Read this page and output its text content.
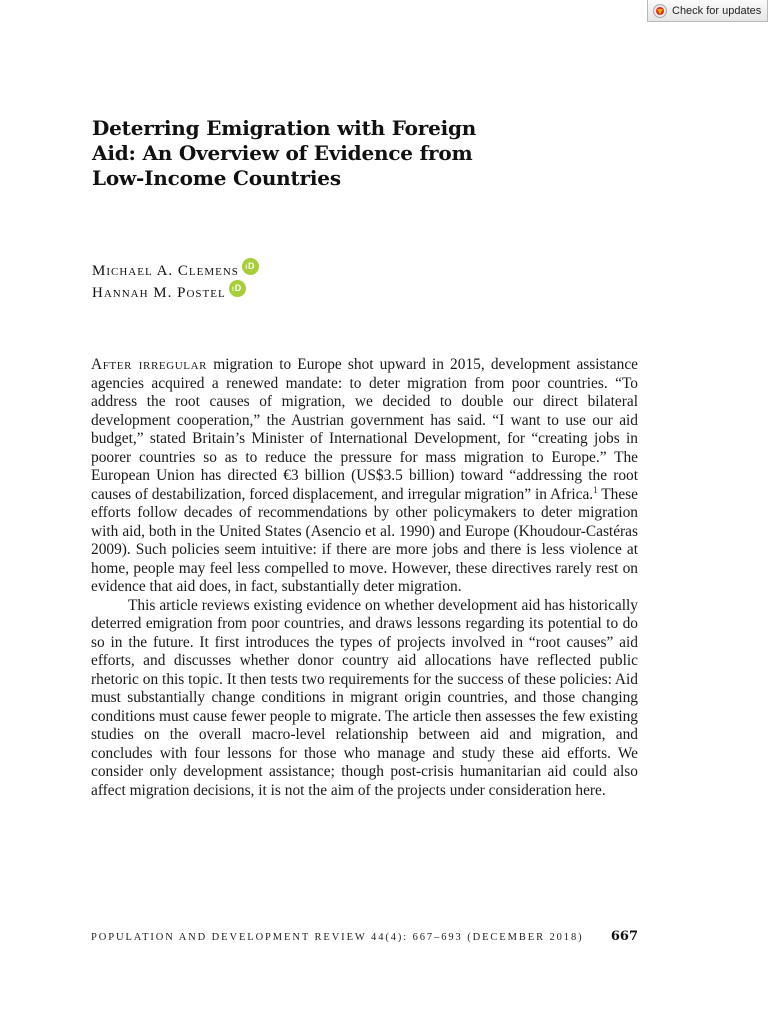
Check for updates
Deterring Emigration with Foreign Aid: An Overview of Evidence from Low-Income Countries
Michael A. Clemens iD
Hannah M. Postel iD

After irregular migration to Europe shot upward in 2015, development assistance agencies acquired a renewed mandate: to deter migration from poor countries. “To address the root causes of migration, we decided to double our direct bilateral development cooperation,” the Austrian government has said. “I want to use our aid budget,” stated Britain’s Minister of International Development, for “creating jobs in poorer countries so as to reduce the pressure for mass migration to Europe.” The European Union has directed €3 billion (US$3.5 billion) toward “addressing the root causes of destabilization, forced displacement, and irregular migration” in Africa.$^1$ These efforts follow decades of recommendations by other policymakers to deter migration with aid, both in the United States (Asencio et al. 1990) and Europe (Khoudour-Castéras 2009). Such policies seem intuitive: if there are more jobs and there is less violence at home, people may feel less compelled to move. However, these directives rarely rest on evidence that aid does, in fact, substantially deter migration.

This article reviews existing evidence on whether development aid has historically deterred emigration from poor countries, and draws lessons regarding its potential to do so in the future. It first introduces the types of projects involved in “root causes” aid efforts, and discusses whether donor country aid allocations have reflected public rhetoric on this topic. It then tests two requirements for the success of these policies: Aid must substantially change conditions in migrant origin countries, and those changing conditions must cause fewer people to migrate. The article then assesses the few existing studies on the overall macro-level relationship between aid and migration, and concludes with four lessons for those who manage and study these aid efforts. We consider only development assistance; though post-crisis humanitarian aid could also affect migration decisions, it is not the aim of the projects under consideration here.

POPULATION AND DEVELOPMENT REVIEW 44(4): 667–693 (DECEMBER 2018) 667
